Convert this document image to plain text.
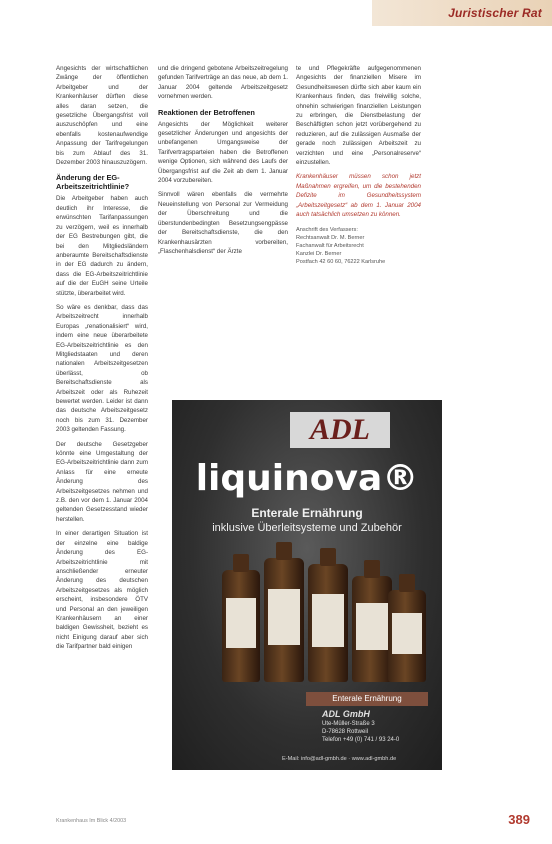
Juristischer Rat

Angesichts der wirtschaftlichen Zwänge der öffentlichen Arbeitgeber und der Krankenhäuser dürften diese alles daran setzen, die gesetzliche Übergangsfrist voll auszuschöpfen und eine ebenfalls kostenaufwendige Anpassung der Tarifregelungen bis zum Ablauf des 31. Dezember 2003 hinauszuzögern.

Änderung der EG-Arbeitszeitrichtlinie?

Die Arbeitgeber haben auch deutlich ihr Interesse, die erwünschten Tarifanpassungen zu verzögern, weil es innerhalb der EG Bestrebungen gibt, die bei den Mitgliedsländern anberaumte Bereitschaftsdienste in der EG dadurch zu ändern, dass die EG-Arbeitszeitrichtlinie auf die der EuGH seine Urteile stützte, überarbeitet wird.

So wäre es denkbar, dass das Arbeitszeitrecht innerhalb Europas „renationalisiert“ wird, indem eine neue überarbeitete EG-Arbeitszeitrichtlinie es den Mitgliedstaaten und deren nationalen Arbeitszeitgesetzen überlässt, ob Bereitschaftsdienste als Arbeitszeit oder als Ruhezeit bewertet werden. Leider ist dann das deutsche Arbeitszeitgesetz noch bis zum 31. Dezember 2003 geltenden Fassung.

Der deutsche Gesetzgeber könnte eine Umgestaltung der EG-Arbeitszeitrichtlinie dann zum Anlass für eine erneute Änderung des Arbeitszeitgesetzes nehmen und z.B. den vor dem 1. Januar 2004 geltenden Gesetzesstand wieder herstellen.

In einer derartigen Situation ist der einzelne eine baldige Änderung des EG-Arbeitszeitrichtlinie mit anschließender erneuter Änderung des deutschen Arbeitszeitgesetzes als möglich erscheint, insbesondere ÖTV und Personal an den jeweiligen Krankenhäusern an einer baldigen Gewissheit, bezieht es nicht Einigung darauf aber sich die Tarifpartner bald einigen

und die dringend gebotene Arbeitszeitregelung gefunden Tarifverträge an das neue, ab dem 1. Januar 2004 geltende Arbeitszeitgesetz vornehmen werden.

Reaktionen der Betroffenen

Angesichts der Möglichkeit weiterer gesetzlicher Änderungen und angesichts der unbefangenen Umgangsweise der Tarifvertragsparteien haben die Betroffenen wenige Optionen, sich während des Laufs der Übergangsfrist auf die Zeit ab dem 1. Januar 2004 vorzubereiten.

Sinnvoll wären ebenfalls die vermehrte Neueinstellung von Personal zur Vermeidung der Überschreitung und die überstundenbedingten Besetzungsengpässe der Bereitschaftsdienste, die den Krankenhausärzten vorbereiten, „Flaschenhalsdienst“ der Ärzte

te und Pflegekräfte aufgegenommenen Angesichts der finanziellen Misere im Gesundheitswesen dürfte sich aber kaum ein Krankenhaus finden, das freiwillig solche, ohnehin schwierigen finanziellen Leistungen zu erbringen, die Dienstbelastung der Beschäftigten schon jetzt vorübergehend zu reduzieren, auf die zulässigen Ausmaße der gerade noch zulässigen Arbeitszeit zu verzichten und eine „Personalreserve“ einzustellen.

Krankenhäuser müssen schon jetzt Maßnahmen ergreifen, um die bestehenden Defizite im Gesundheitssystem „Arbeitszeitgesetz“ ab dem 1. Januar 2004 auch tatsächlich umsetzen zu können.

Anschrift des Verfassers:
Rechtsanwalt Dr. M. Berner
Fachanwalt für Arbeitsrecht
Kanzlei Dr. Berner
Postfach 42 60 60, 76222 Karlsruhe
ADL
liquinova®
Enterale Ernährung
inklusive Überleitsysteme und Zubehör
Enterale Ernährung
ADL GmbH
Ute-Müller-Straße 3
D-78628 Rottweil
Telefon +49 (0) 741 / 93 24-0
E-Mail: info@adl-gmbh.de · www.adl-gmbh.de
Krankenhaus Im Blick 4/2003	389
